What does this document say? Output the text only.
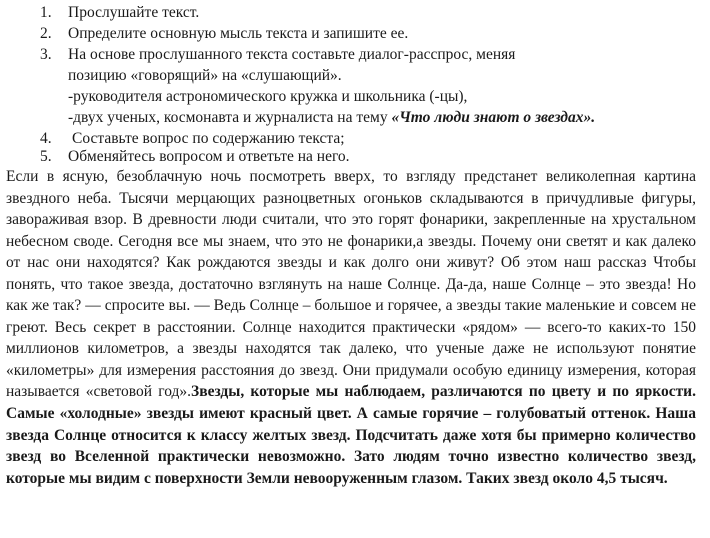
1. Прослушайте текст.
2. Определите основную мысль текста и запишите ее.
3. На основе прослушанного текста составьте диалог-расспрос, меняя
позицию «говорящий» на «слушающий».
-руководителя астрономического кружка и школьника (-цы),
-двух ученых, космонавта и журналиста на тему «Что люди знают о звездах».
4. Составьте вопрос по содержанию текста;
5. Обменяйтесь вопросом и ответьте на него.
Если в ясную, безоблачную ночь посмотреть вверх, то взгляду предстанет великолепная картина звездного неба. Тысячи мерцающих разноцветных огоньков складываются в причудливые фигуры, завораживая взор. В древности люди считали, что это горят фонарики, закрепленные на хрустальном небесном своде. Сегодня все мы знаем, что это не фонарики,а звезды. Почему они светят и как далеко от нас они находятся? Как рождаются звезды и как долго они живут? Об этом наш рассказ Чтобы понять, что такое звезда, достаточно взглянуть на наше Солнце. Да-да, наше Солнце – это звезда! Но как же так? — спросите вы. — Ведь Солнце – большое и горячее, а звезды такие маленькие и совсем не греют. Весь секрет в расстоянии. Солнце находится практически «рядом» — всего-то каких-то 150 миллионов километров, а звезды находятся так далеко, что ученые даже не используют понятие «километры» для измерения расстояния до звезд. Они придумали особую единицу измерения, которая называется «световой год».Звезды, которые мы наблюдаем, различаются по цвету и по яркости. Самые «холодные» звезды имеют красный цвет. А самые горячие – голубоватый оттенок. Наша звезда Солнце относится к классу желтых звезд. Подсчитать даже хотя бы примерно количество звезд во Вселенной практически невозможно. Зато людям точно известно количество звезд, которые мы видим с поверхности Земли невооруженным глазом. Таких звезд около 4,5 тысяч.
